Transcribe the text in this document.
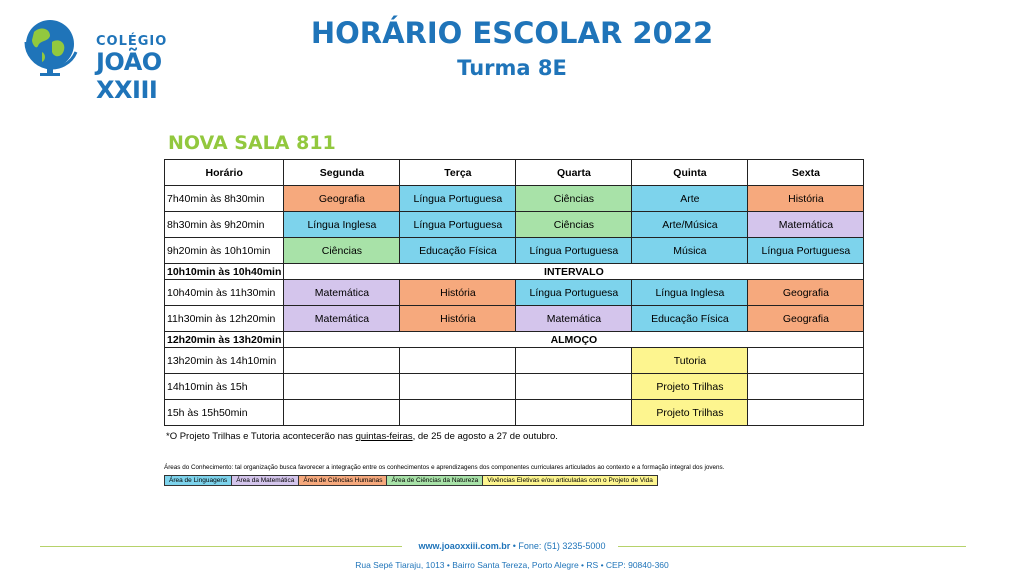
COLÉGIO
JOÃO XXIII
HORÁRIO ESCOLAR 2022
Turma 8E
NOVA SALA 811
Horário	Segunda	Terça	Quarta	Quinta	Sexta
7h40min às 8h30min	Geografia	Língua Portuguesa	Ciências	Arte	História
8h30min às 9h20min	Língua Inglesa	Língua Portuguesa	Ciências	Arte/Música	Matemática
9h20min às 10h10min	Ciências	Educação Física	Língua Portuguesa	Música	Língua Portuguesa
10h10min às 10h40min	INTERVALO				
10h40min às 11h30min	Matemática	História	Língua Portuguesa	Língua Inglesa	Geografia
11h30min às 12h20min	Matemática	História	Matemática	Educação Física	Geografia
12h20min às 13h20min	ALMOÇO				
13h20min às 14h10min				Tutoria	
14h10min às 15h				Projeto Trilhas	
15h às 15h50min				Projeto Trilhas	
*O Projeto Trilhas e Tutoria acontecerão nas quintas-feiras, de 25 de agosto a 27 de outubro.
Áreas do Conhecimento: tal organização busca favorecer a integração entre os conhecimentos e aprendizagens dos componentes curriculares articulados ao contexto e a formação integral dos jovens.
Área de Linguagens	Área da Matemática	Área de Ciências Humanas	Área de Ciências da Natureza	Vivências Eletivas e/ou articuladas com o Projeto de Vida
www.joaoxxiii.com.br • Fone: (51) 3235-5000
Rua Sepé Tiaraju, 1013 • Bairro Santa Tereza, Porto Alegre • RS • CEP: 90840-360
